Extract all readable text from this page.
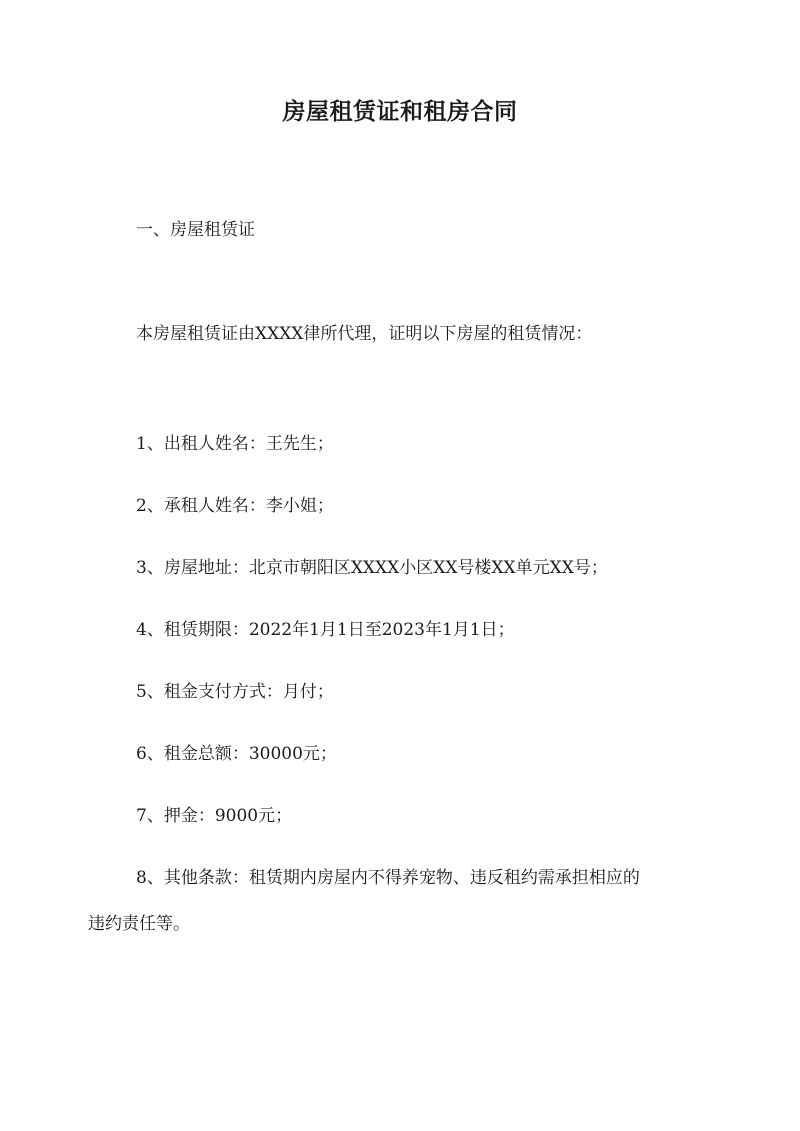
房屋租赁证和租房合同
一、房屋租赁证
本房屋租赁证由XXXX律所代理，证明以下房屋的租赁情况：
1、出租人姓名：王先生；
2、承租人姓名：李小姐；
3、房屋地址：北京市朝阳区XXXX小区XX号楼XX单元XX号；
4、租赁期限：2022年1月1日至2023年1月1日；
5、租金支付方式：月付；
6、租金总额：30000元；
7、押金：9000元；
8、其他条款：租赁期内房屋内不得养宠物、违反租约需承担相应的
违约责任等。
